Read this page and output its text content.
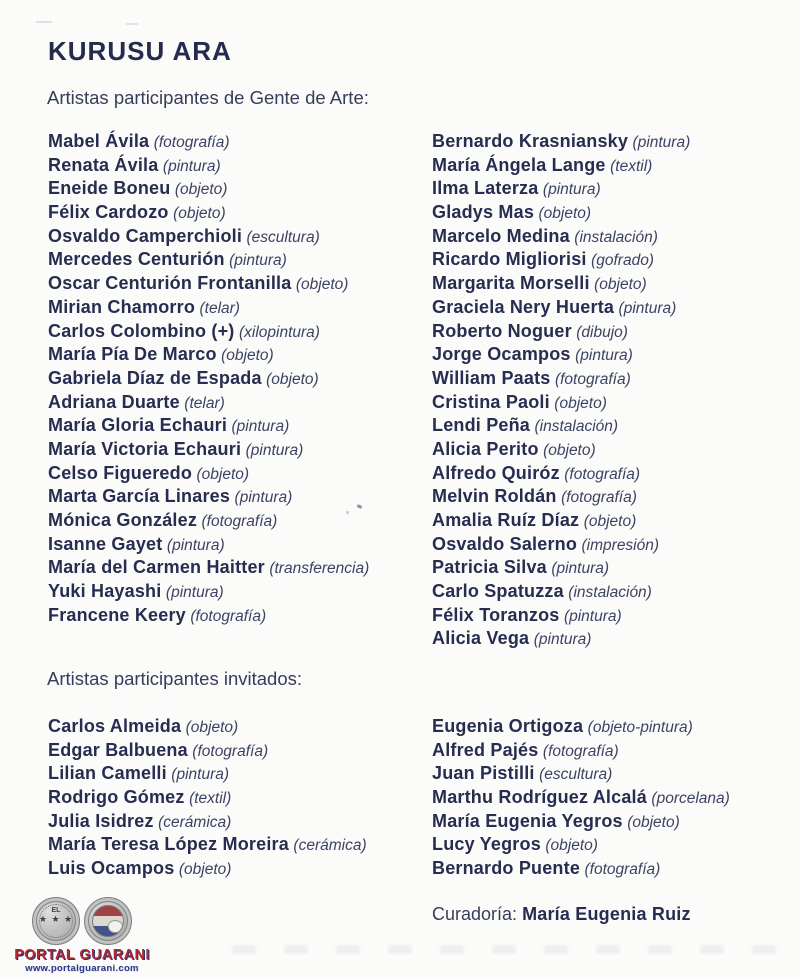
KURUSU ARA
Artistas participantes de Gente de Arte:
Mabel Ávila (fotografía)
Renata Ávila (pintura)
Eneide Boneu (objeto)
Félix Cardozo (objeto)
Osvaldo Camperchioli (escultura)
Mercedes Centurión (pintura)
Oscar Centurión Frontanilla (objeto)
Mirian Chamorro (telar)
Carlos Colombino (+) (xilopintura)
María Pía De Marco (objeto)
Gabriela Díaz de Espada (objeto)
Adriana Duarte (telar)
María Gloria Echauri (pintura)
María Victoria Echauri (pintura)
Celso Figueredo (objeto)
Marta García Linares (pintura)
Mónica González (fotografía)
Isanne Gayet (pintura)
María del Carmen Haitter (transferencia)
Yuki Hayashi (pintura)
Francene Keery (fotografía)
Bernardo Krasniansky (pintura)
María Ángela Lange (textil)
Ilma Laterza (pintura)
Gladys Mas (objeto)
Marcelo Medina (instalación)
Ricardo Migliorisi (gofrado)
Margarita Morselli (objeto)
Graciela Nery Huerta (pintura)
Roberto Noguer (dibujo)
Jorge Ocampos (pintura)
William Paats (fotografía)
Cristina Paoli (objeto)
Lendi Peña (instalación)
Alicia Perito (objeto)
Alfredo Quiróz (fotografía)
Melvin Roldán (fotografía)
Amalia Ruíz Díaz (objeto)
Osvaldo Salerno (impresión)
Patricia Silva (pintura)
Carlo Spatuzza (instalación)
Félix Toranzos (pintura)
Alicia Vega (pintura)
Artistas participantes invitados:
Carlos Almeida (objeto)
Edgar Balbuena (fotografía)
Lilian Camelli (pintura)
Rodrigo Gómez (textil)
Julia Isidrez (cerámica)
María Teresa López Moreira (cerámica)
Luis Ocampos (objeto)
Eugenia Ortigoza (objeto-pintura)
Alfred Pajés (fotografía)
Juan Pistilli (escultura)
Marthu Rodríguez Alcalá (porcelana)
María Eugenia Yegros (objeto)
Lucy Yegros (objeto)
Bernardo Puente (fotografía)
Curadoría: María Eugenia Ruiz
EL
★ ★ ★
PORTAL GUARANI
www.portalguarani.com
